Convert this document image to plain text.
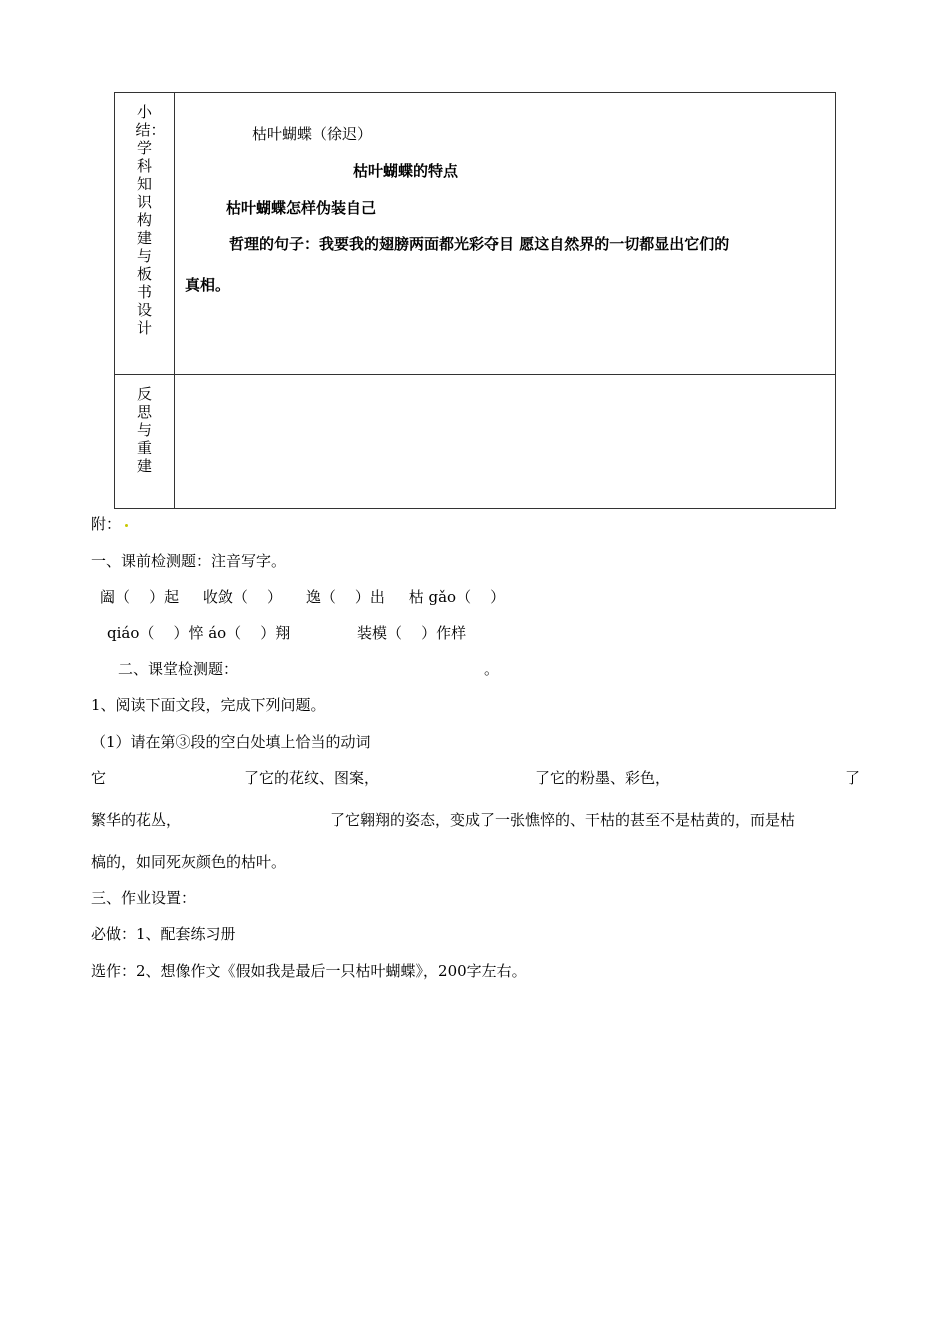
小结：学科知识构建与板书设计	枯叶蝴蝶（徐迟）
枯叶蝴蝶的特点
枯叶蝴蝶怎样伪装自己
哲理的句子：我要我的翅膀两面都光彩夺目 愿这自然界的一切都显出它们的
真相。

反思与重建	

附：
一、课前检测题：注音写字。
阖（    ）起     收敛（    ）     逸（    ）出     枯 gǎo（    ）
qiáo（    ）悴 áo（    ）翔              装模（    ）作样
二、课堂检测题：	。
1、阅读下面文段，完成下列问题。
（1）请在第③段的空白处填上恰当的动词
它	了它的花纹、图案，	了它的粉墨、彩色，	了
繁华的花丛，	了它翱翔的姿态，变成了一张憔悴的、干枯的甚至不是枯黄的，而是枯
槁的，如同死灰颜色的枯叶。
三、作业设置：
必做：1、配套练习册
选作：2、想像作文《假如我是最后一只枯叶蝴蝶》，200字左右。
